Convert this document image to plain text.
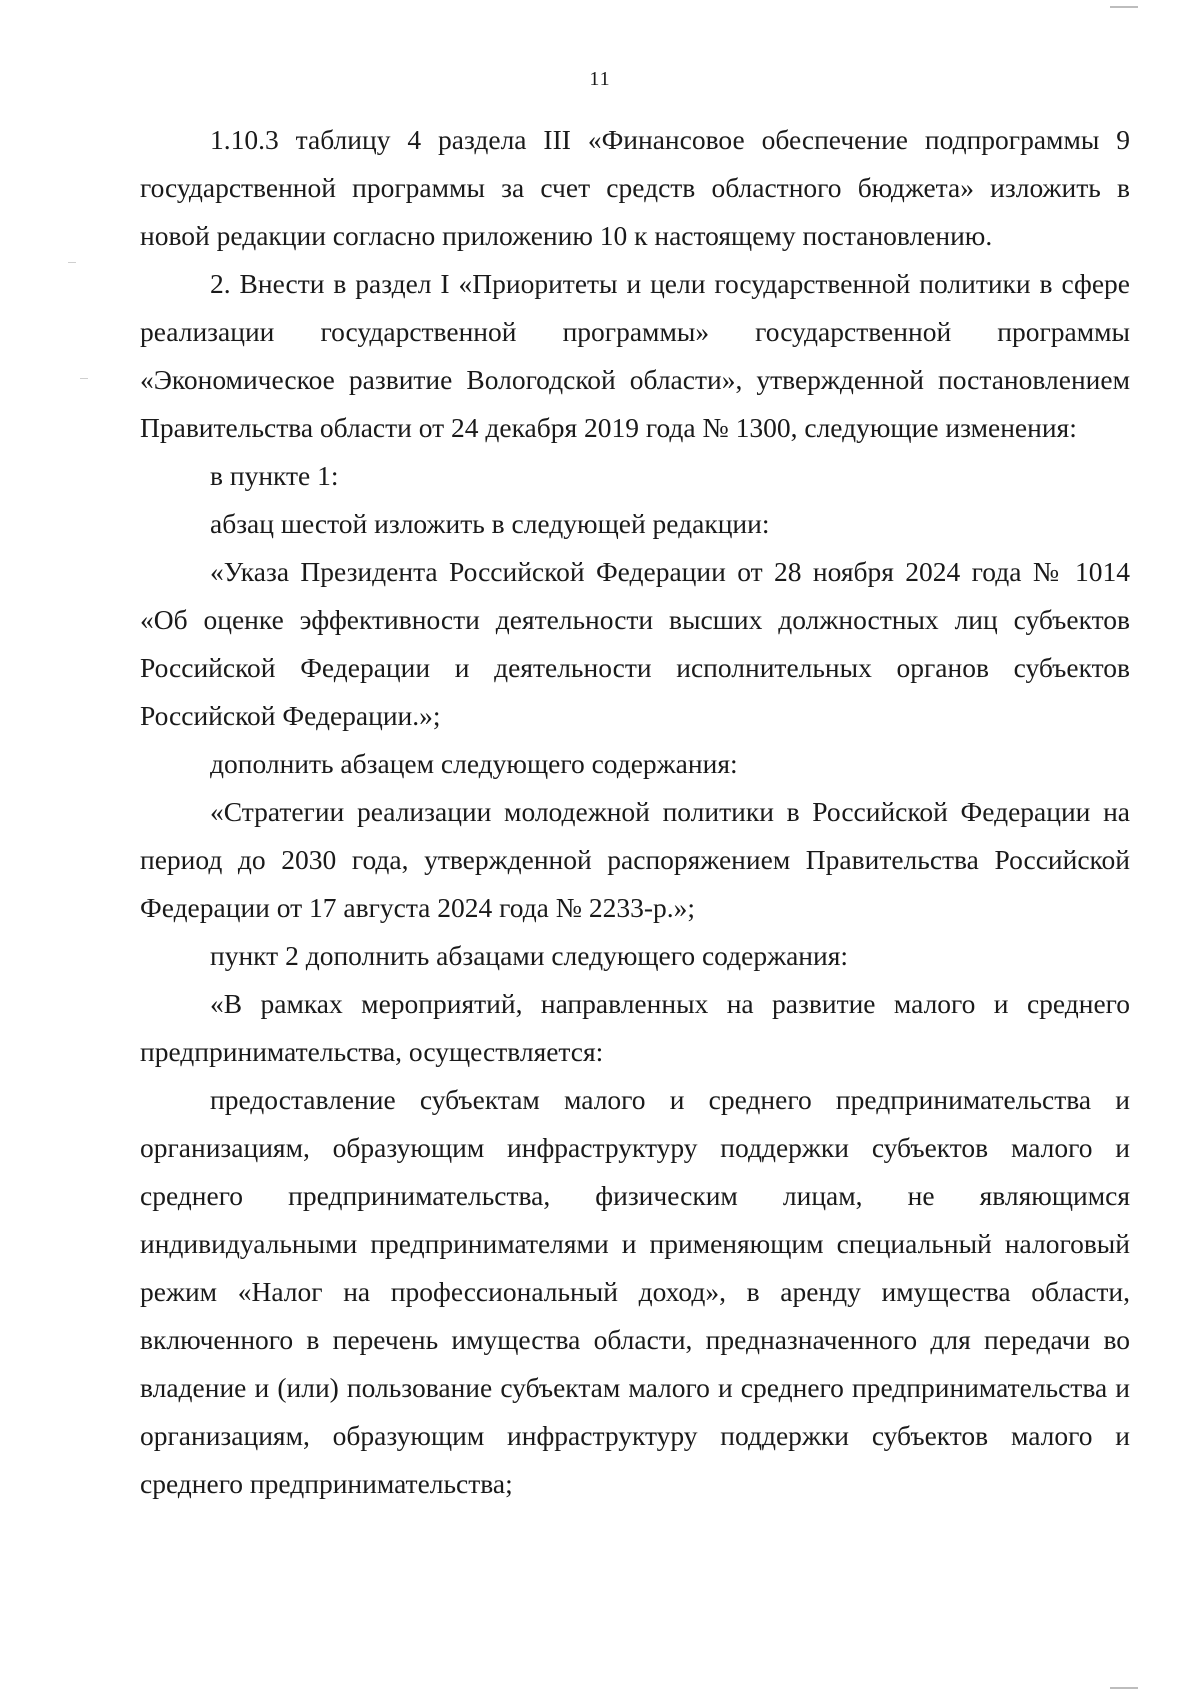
11

1.10.3 таблицу 4 раздела III «Финансовое обеспечение подпрограммы 9 государственной программы за счет средств областного бюджета» изложить в новой редакции согласно приложению 10 к настоящему постановлению.

2. Внести в раздел I «Приоритеты и цели государственной политики в сфере реализации государственной программы» государственной программы «Экономическое развитие Вологодской области», утвержденной постановлением Правительства области от 24 декабря 2019 года № 1300, следующие изменения:

в пункте 1:

абзац шестой изложить в следующей редакции:

«Указа Президента Российской Федерации от 28 ноября 2024 года № 1014 «Об оценке эффективности деятельности высших должностных лиц субъектов Российской Федерации и деятельности исполнительных органов субъектов Российской Федерации.»;

дополнить абзацем следующего содержания:

«Стратегии реализации молодежной политики в Российской Федерации на период до 2030 года, утвержденной распоряжением Правительства Российской Федерации от 17 августа 2024 года № 2233-р.»;

пункт 2 дополнить абзацами следующего содержания:

«В рамках мероприятий, направленных на развитие малого и среднего предпринимательства, осуществляется:

предоставление субъектам малого и среднего предпринимательства и организациям, образующим инфраструктуру поддержки субъектов малого и среднего предпринимательства, физическим лицам, не являющимся индивидуальными предпринимателями и применяющим специальный налоговый режим «Налог на профессиональный доход», в аренду имущества области, включенного в перечень имущества области, предназначенного для передачи во владение и (или) пользование субъектам малого и среднего предпринимательства и организациям, образующим инфраструктуру поддержки субъектов малого и среднего предпринимательства;
